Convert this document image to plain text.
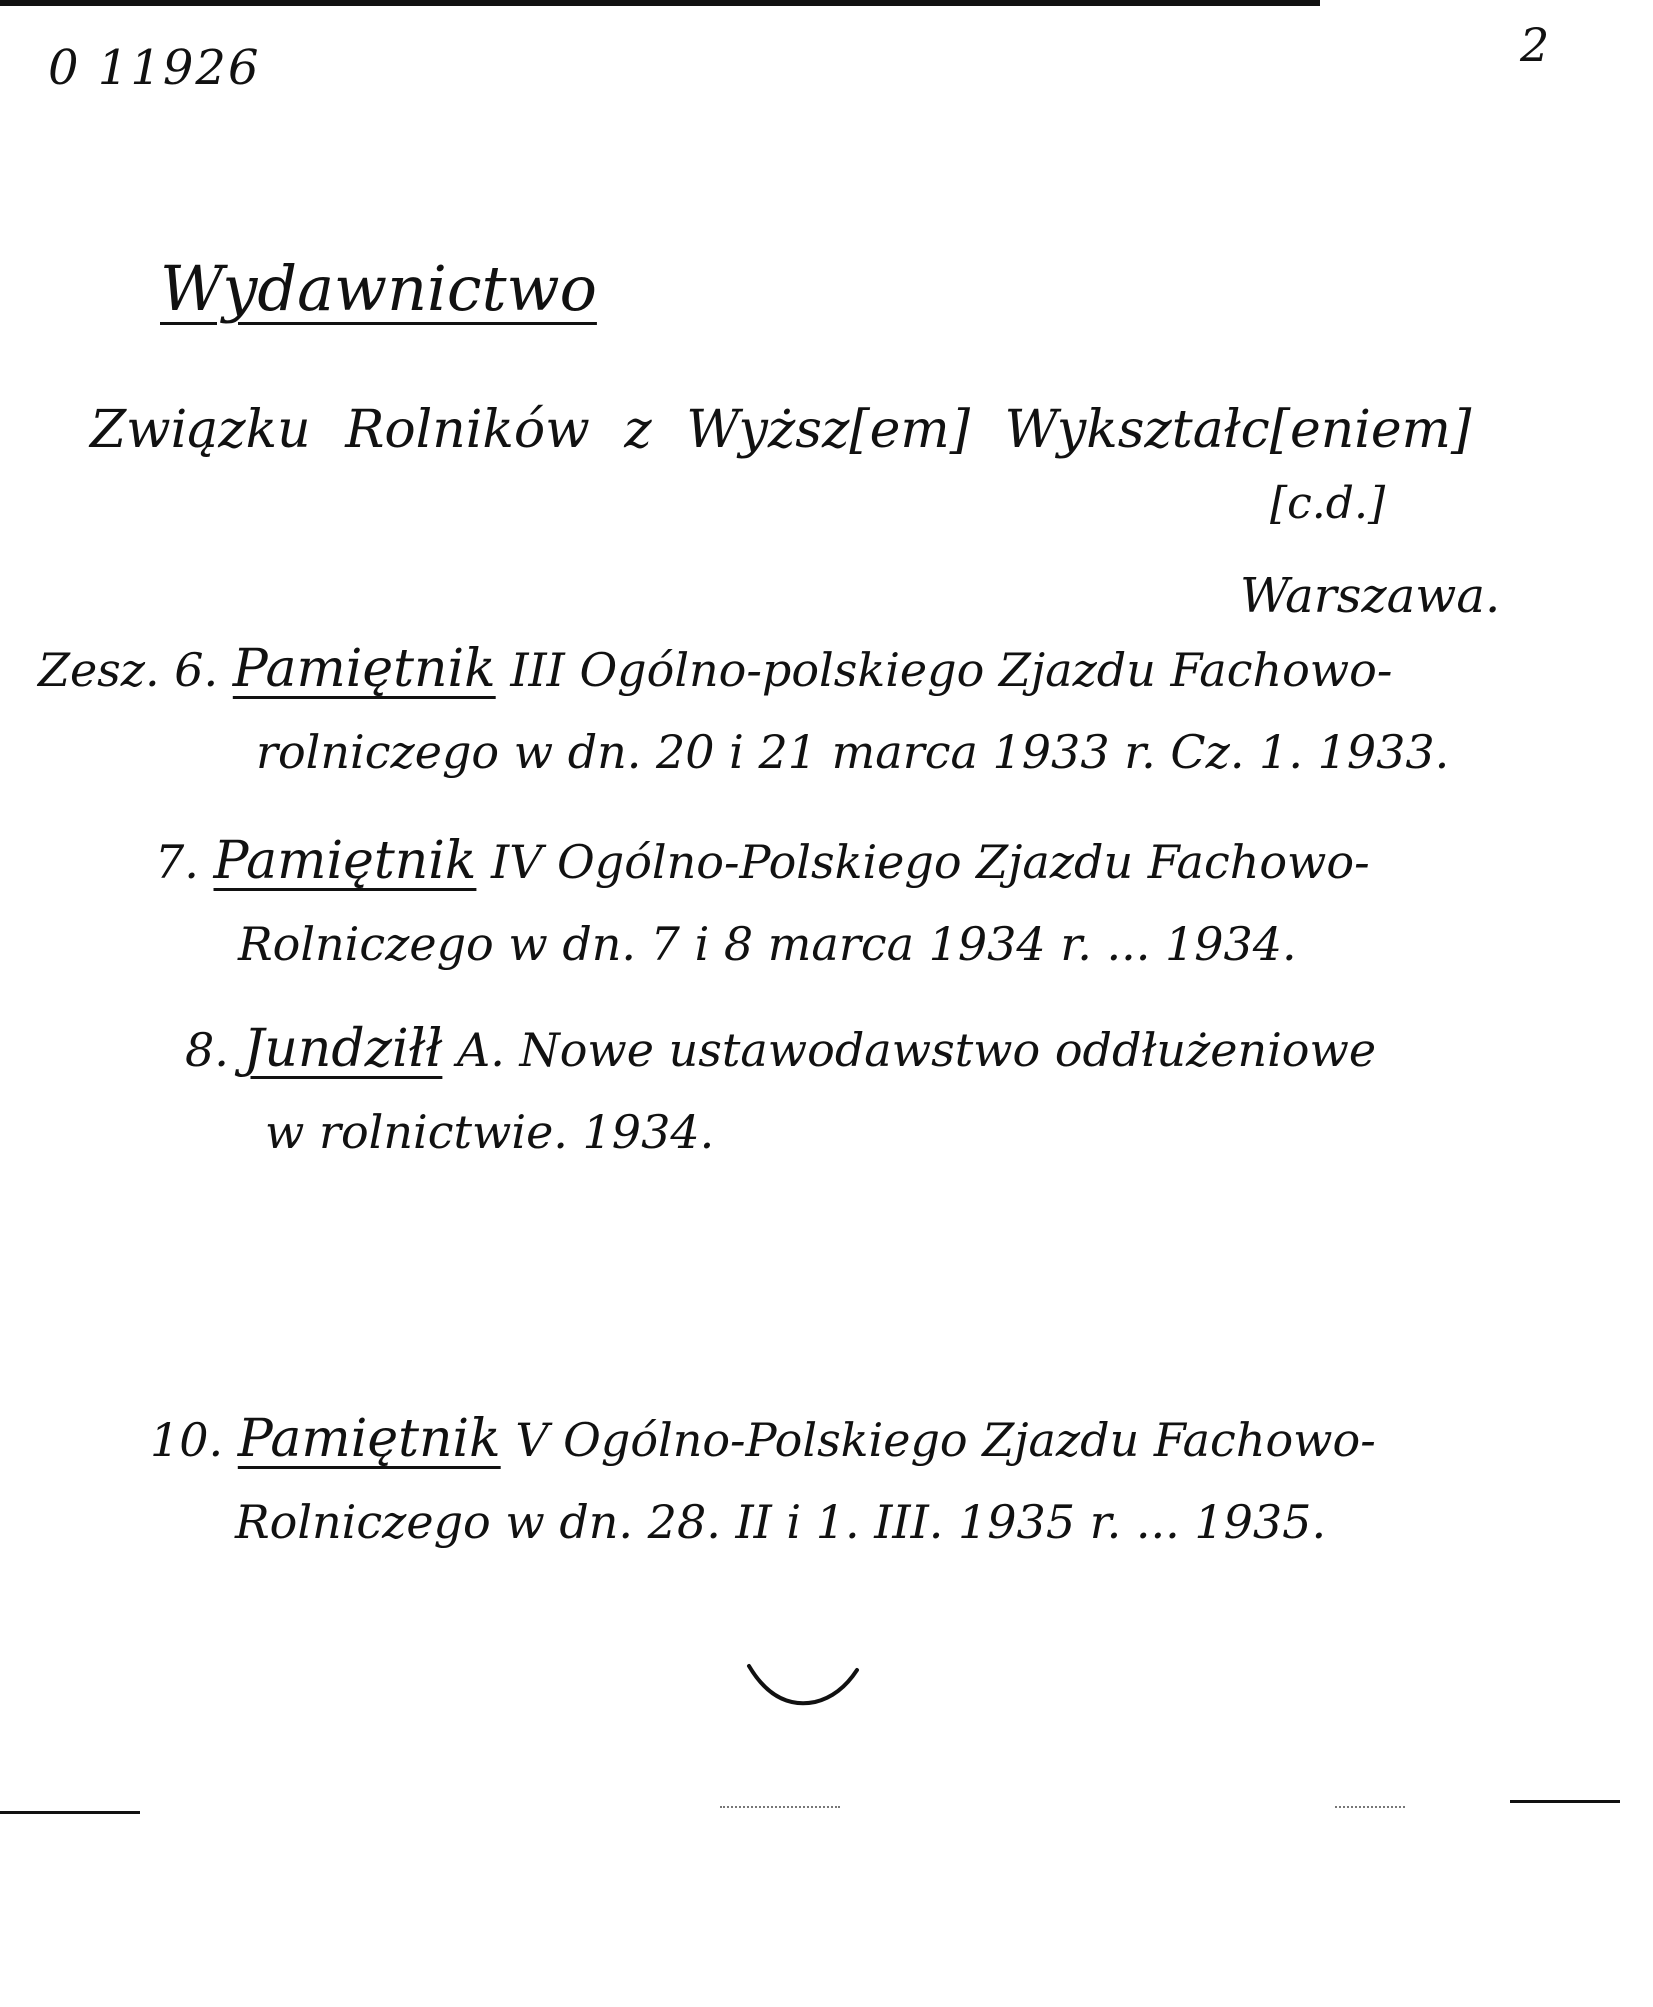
0 11926	2
Wydawnictwo
Związku Rolników z Wyższ[em] Wykształc[eniem]
[c.d.]
Warszawa.
Zesz. 6. Pamiętnik III Ogólno-polskiego Zjazdu Fachowo-
rolniczego w dn. 20 i 21 marca 1933 r. Cz. 1. 1933.
7. Pamiętnik IV Ogólno-Polskiego Zjazdu Fachowo-
Rolniczego w dn. 7 i 8 marca 1934 r. ... 1934.
8. Jundziłł A. Nowe ustawodawstwo oddłużeniowe
w rolnictwie. 1934.
10. Pamiętnik V Ogólno-Polskiego Zjazdu Fachowo-
Rolniczego w dn. 28. II i 1. III. 1935 r. ... 1935.
